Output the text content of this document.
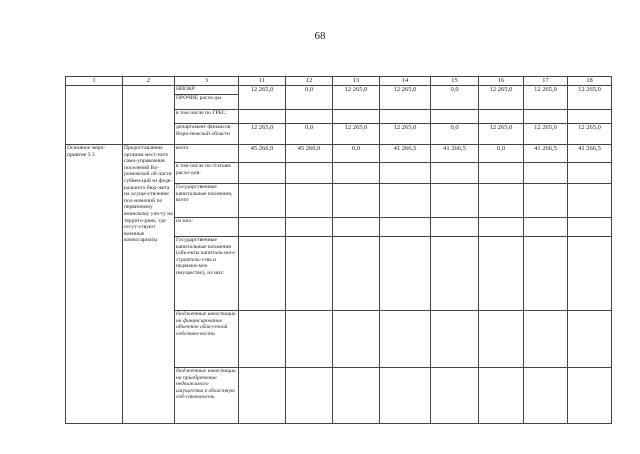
68
1	2	3	11	12	13	14	15	16	17	18
		НИОКР	12 265,0	0,0	12 265,0	12 265,0	0,0	12 265,0	12 265,0	12 265,0
		ПРОЧИЕ расхо-ды								
		в том числе по ГРБС:								
		департамент финансов Воро-нежской области	12 265,0	0,0	12 265,0	12 265,0	0,0	12 265,0	12 265,0	12 265,0
Основное меро-приятие 3.3	Предоставление органам мест-ного само-управления поселений Во-ронежской об-ласти субвен-ций из феде-рального бюд-жета на осуще-ствление пол-номочий по первичному воинскому уче-ту на террито-риях, где отсут-ствуют военные комиссариаты	всего	45 266,9	45 266,9	0,0	41 266,5	41 266,5	0,0	41 266,5	41 266,5
		в том числе по статьям расхо-дов:								
		Государственные капитальные вложения, всего								
		из них:								
		Государственные капитальные вложения (объ-екты капиталь-ного строитель-ства и недвижи-мое имущество), из них:								
		бюджетные инвестиции на финансирование объектов обла-стной собствен-ности								
		бюджетные инвестиции на приобретение недвижимого имущества в областную соб-ственность								
